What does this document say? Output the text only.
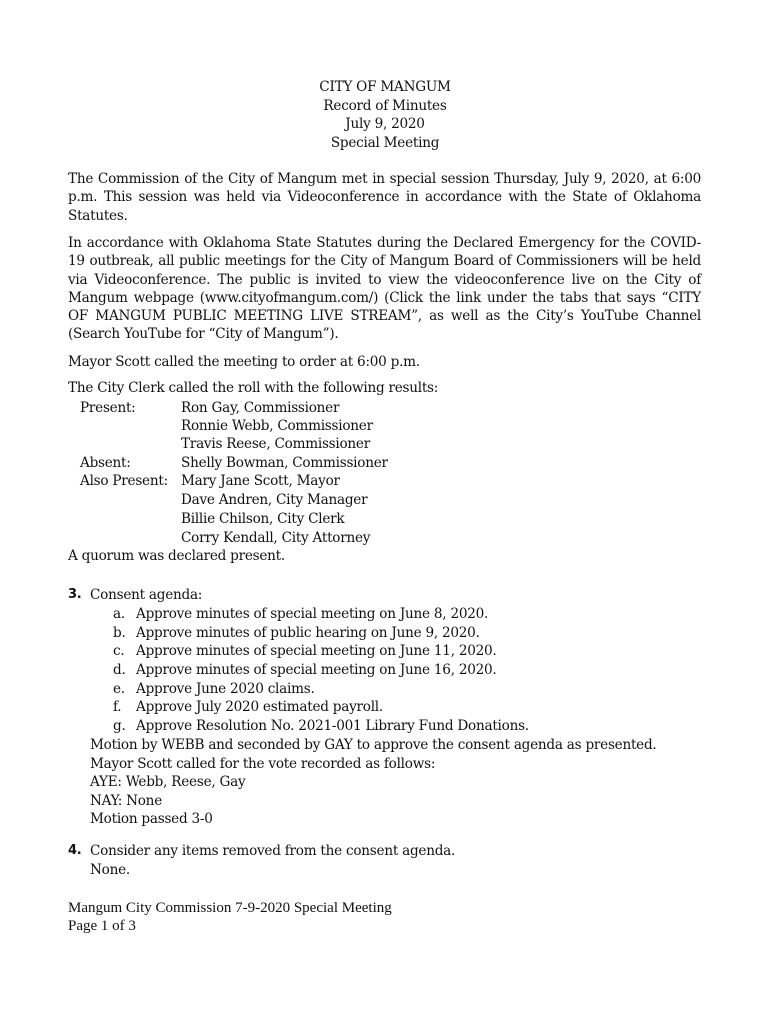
CITY OF MANGUM
Record of Minutes
July 9, 2020
Special Meeting
The Commission of the City of Mangum met in special session Thursday, July 9, 2020, at 6:00 p.m. This session was held via Videoconference in accordance with the State of Oklahoma Statutes.
In accordance with Oklahoma State Statutes during the Declared Emergency for the COVID-19 outbreak, all public meetings for the City of Mangum Board of Commissioners will be held via Videoconference. The public is invited to view the videoconference live on the City of Mangum webpage (www.cityofmangum.com/) (Click the link under the tabs that says “CITY OF MANGUM PUBLIC MEETING LIVE STREAM”, as well as the City’s YouTube Channel (Search YouTube for “City of Mangum”).
Mayor Scott called the meeting to order at 6:00 p.m.
The City Clerk called the roll with the following results:
Present:	Ron Gay, Commissioner
Ronnie Webb, Commissioner
Travis Reese, Commissioner
Absent:	Shelly Bowman, Commissioner
Also Present: Mary Jane Scott, Mayor
Dave Andren, City Manager
Billie Chilson, City Clerk
Corry Kendall, City Attorney
A quorum was declared present.
3. Consent agenda:
a. Approve minutes of special meeting on June 8, 2020.
b. Approve minutes of public hearing on June 9, 2020.
c. Approve minutes of special meeting on June 11, 2020.
d. Approve minutes of special meeting on June 16, 2020.
e. Approve June 2020 claims.
f. Approve July 2020 estimated payroll.
g. Approve Resolution No. 2021-001 Library Fund Donations.
Motion by WEBB and seconded by GAY to approve the consent agenda as presented.
Mayor Scott called for the vote recorded as follows:
AYE: Webb, Reese, Gay
NAY: None
Motion passed 3-0
4. Consider any items removed from the consent agenda.
None.
Mangum City Commission 7-9-2020 Special Meeting
Page 1 of 3
